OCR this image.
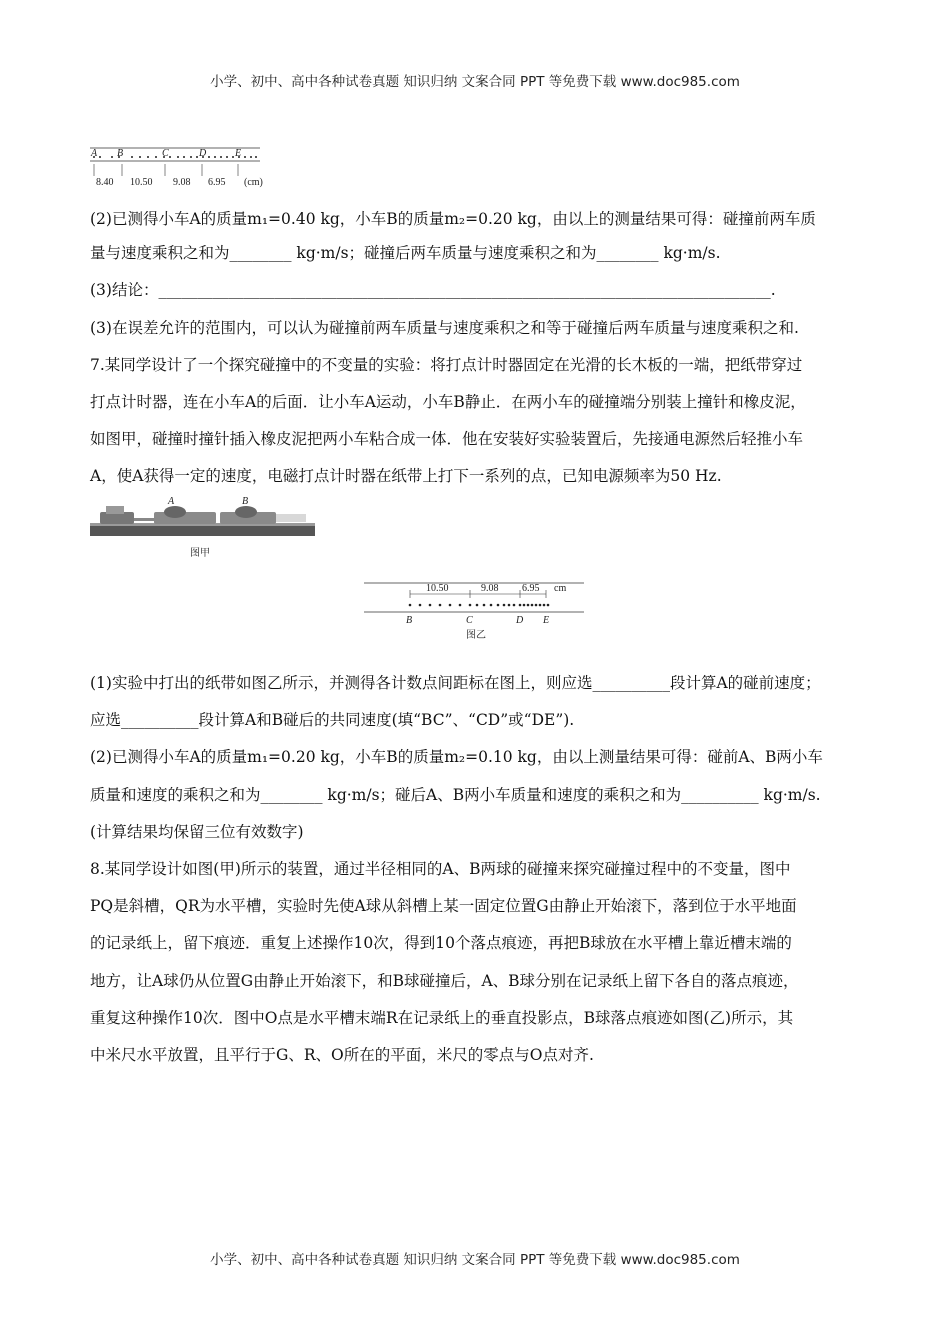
小学、初中、高中各种试卷真题 知识归纳 文案合同 PPT 等免费下载 www.doc985.com
A B	C	D	E
8.40 10.50 9.08 6.95 (cm)

(2)已测得小车A的质量m₁=0.40 kg，小车B的质量m₂=0.20 kg，由以上的测量结果可得：碰撞前两车质

量与速度乘积之和为________ kg·m/s；碰撞后两车质量与速度乘积之和为________ kg·m/s.

(3)结论：_______________________________________________________________________________.

(3)在误差允许的范围内，可以认为碰撞前两车质量与速度乘积之和等于碰撞后两车质量与速度乘积之和.

7.某同学设计了一个探究碰撞中的不变量的实验：将打点计时器固定在光滑的长木板的一端，把纸带穿过

打点计时器，连在小车A的后面．让小车A运动，小车B静止．在两小车的碰撞端分别装上撞针和橡皮泥，

如图甲，碰撞时撞针插入橡皮泥把两小车粘合成一体．他在安装好实验装置后，先接通电源然后轻推小车

A，使A获得一定的速度，电磁打点计时器在纸带上打下一系列的点，已知电源频率为50 Hz.

A	B
图甲
10.50	9.08 6.95 cm
B	C	D E
图乙

(1)实验中打出的纸带如图乙所示，并测得各计数点间距标在图上，则应选__________段计算A的碰前速度；

应选__________段计算A和B碰后的共同速度(填“BC”、“CD”或“DE”).

(2)已测得小车A的质量m₁=0.20 kg，小车B的质量m₂=0.10 kg，由以上测量结果可得：碰前A、B两小车

质量和速度的乘积之和为________ kg·m/s；碰后A、B两小车质量和速度的乘积之和为__________ kg·m/s.

(计算结果均保留三位有效数字)

8.某同学设计如图(甲)所示的装置，通过半径相同的A、B两球的碰撞来探究碰撞过程中的不变量，图中

PQ是斜槽，QR为水平槽，实验时先使A球从斜槽上某一固定位置G由静止开始滚下，落到位于水平地面

的记录纸上，留下痕迹．重复上述操作10次，得到10个落点痕迹，再把B球放在水平槽上靠近槽末端的

地方，让A球仍从位置G由静止开始滚下，和B球碰撞后，A、B球分别在记录纸上留下各自的落点痕迹，

重复这种操作10次．图中O点是水平槽末端R在记录纸上的垂直投影点，B球落点痕迹如图(乙)所示，其

中米尺水平放置，且平行于G、R、O所在的平面，米尺的零点与O点对齐.

小学、初中、高中各种试卷真题 知识归纳 文案合同 PPT 等免费下载 www.doc985.com
